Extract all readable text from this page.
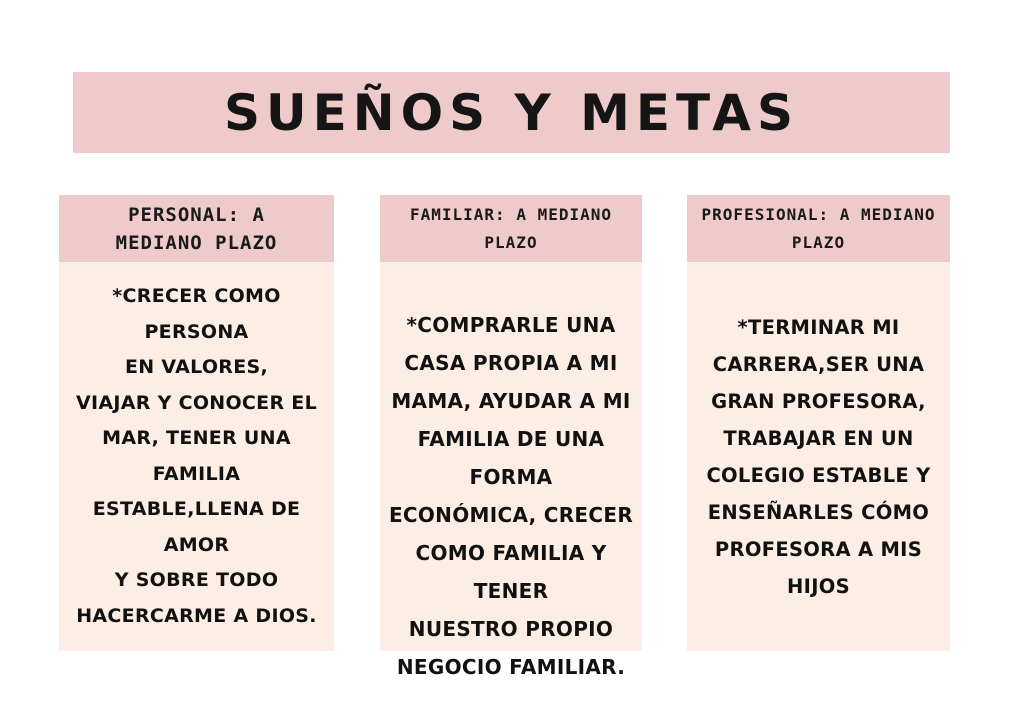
SUEÑOS Y METAS
PERSONAL: A
MEDIANO PLAZO
*CRECER COMO PERSONA
EN VALORES,
VIAJAR Y CONOCER EL
MAR, TENER UNA FAMILIA
ESTABLE,LLENA DE AMOR
Y SOBRE TODO
HACERCARME A DIOS.
FAMILIAR: A MEDIANO
PLAZO
*COMPRARLE UNA
CASA PROPIA A MI
MAMA, AYUDAR A MI
FAMILIA DE UNA FORMA
ECONÓMICA, CRECER
COMO FAMILIA Y TENER
NUESTRO PROPIO
NEGOCIO FAMILIAR.
PROFESIONAL: A MEDIANO
PLAZO
*TERMINAR MI
CARRERA,SER UNA
GRAN PROFESORA,
TRABAJAR EN UN
COLEGIO ESTABLE Y
ENSEÑARLES CÓMO
PROFESORA A MIS HIJOS
